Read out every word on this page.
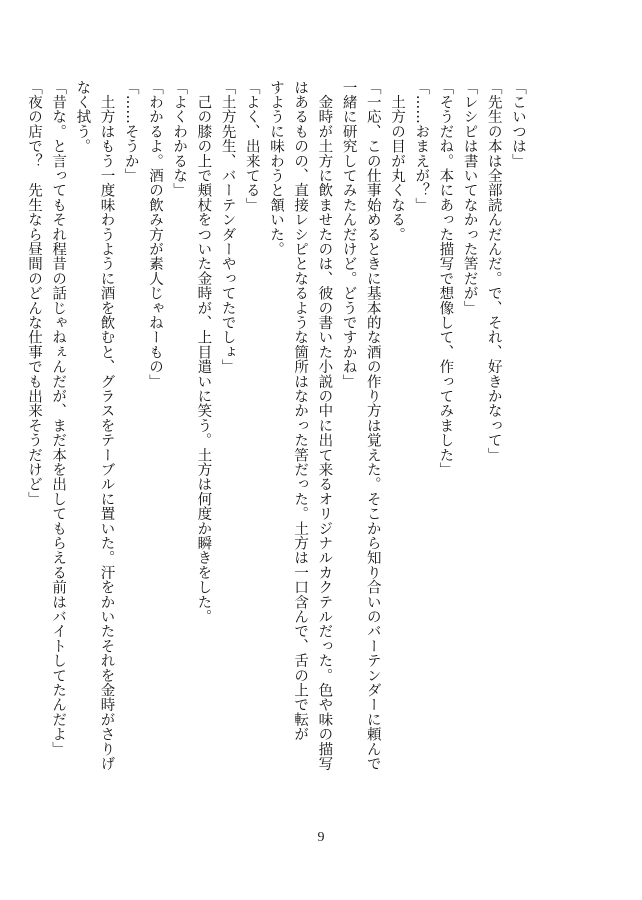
「こいつは」
「先生の本は全部読んだんだ。で、それ、好きかなって」
「レシピは書いてなかった筈だが」
「そうだね。本にあった描写で想像して、作ってみました」
「……おまえが？」
　土方の目が丸くなる。
「一応、この仕事始めるときに基本的な酒の作り方は覚えた。そこから知り合いのバーテンダーに頼んで
一緒に研究してみたんだけど。どうですかね」
　金時が土方に飲ませたのは、彼の書いた小説の中に出て来るオリジナルカクテルだった。色や味の描写
はあるものの、直接レシピとなるような箇所はなかった筈だった。土方は一口含んで、舌の上で転が
すように味わうと頷いた。
「よく、出来てる」
「土方先生、バーテンダーやってたでしょ」
　己の膝の上で頬杖をついた金時が、上目遣いに笑う。土方は何度か瞬きをした。
「よくわかるな」
「わかるよ。酒の飲み方が素人じゃねーもの」
「……そうか」
　土方はもう一度味わうように酒を飲むと、グラスをテーブルに置いた。汗をかいたそれを金時がさりげ
なく拭う。
「昔な。と言ってもそれ程昔の話じゃねぇんだが、まだ本を出してもらえる前はバイトしてたんだよ」
「夜の店で？　先生なら昼間のどんな仕事でも出来そうだけど」
9
